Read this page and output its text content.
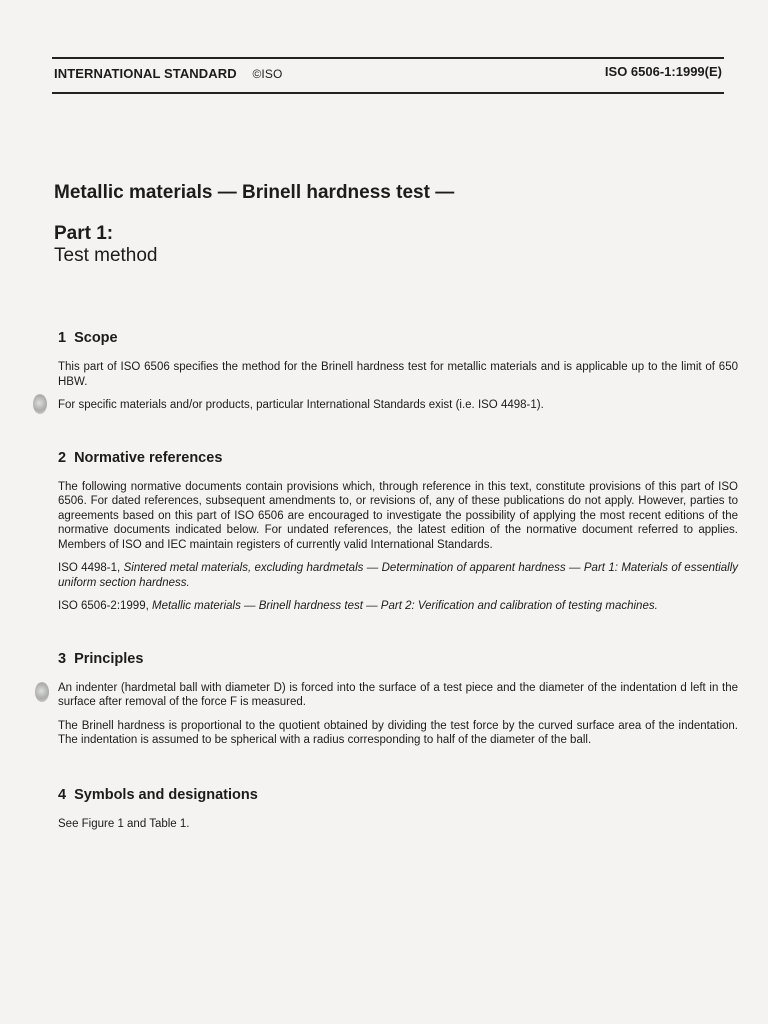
INTERNATIONAL STANDARD ©ISO	ISO 6506-1:1999(E)
Metallic materials — Brinell hardness test —
Part 1:
Test method
1 Scope

This part of ISO 6506 specifies the method for the Brinell hardness test for metallic materials and is applicable up to the limit of 650 HBW.

For specific materials and/or products, particular International Standards exist (i.e. ISO 4498-1).

2 Normative references

The following normative documents contain provisions which, through reference in this text, constitute provisions of this part of ISO 6506. For dated references, subsequent amendments to, or revisions of, any of these publications do not apply. However, parties to agreements based on this part of ISO 6506 are encouraged to investigate the possibility of applying the most recent editions of the normative documents indicated below. For undated references, the latest edition of the normative document referred to applies. Members of ISO and IEC maintain registers of currently valid International Standards.

ISO 4498-1, Sintered metal materials, excluding hardmetals — Determination of apparent hardness — Part 1: Materials of essentially uniform section hardness.

ISO 6506-2:1999, Metallic materials — Brinell hardness test — Part 2: Verification and calibration of testing machines.

3 Principles

An indenter (hardmetal ball with diameter D) is forced into the surface of a test piece and the diameter of the indentation d left in the surface after removal of the force F is measured.

The Brinell hardness is proportional to the quotient obtained by dividing the test force by the curved surface area of the indentation. The indentation is assumed to be spherical with a radius corresponding to half of the diameter of the ball.

4 Symbols and designations

See Figure 1 and Table 1.
